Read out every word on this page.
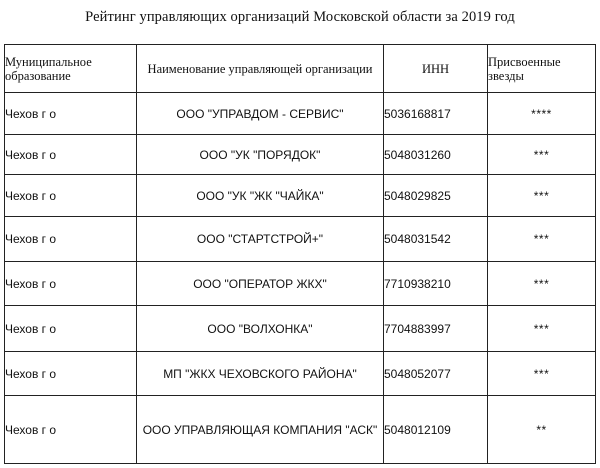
Рейтинг управляющих организаций Московской области за 2019 год
Муниципальное образование	Наименование управляющей организации	ИНН	Присвоенные звезды
Чехов г о	ООО "УПРАВДОМ - СЕРВИС"	5036168817	****
Чехов г о	ООО "УК "ПОРЯДОК"	5048031260	***
Чехов г о	ООО "УК "ЖК "ЧАЙКА"	5048029825	***
Чехов г о	ООО "СТАРТСТРОЙ+"	5048031542	***
Чехов г о	ООО "ОПЕРАТОР ЖКХ"	7710938210	***
Чехов г о	ООО "ВОЛХОНКА"	7704883997	***
Чехов г о	МП "ЖКХ ЧЕХОВСКОГО РАЙОНА"	5048052077	***
Чехов г о	ООО УПРАВЛЯЮЩАЯ КОМПАНИЯ "АСК"	5048012109	**
